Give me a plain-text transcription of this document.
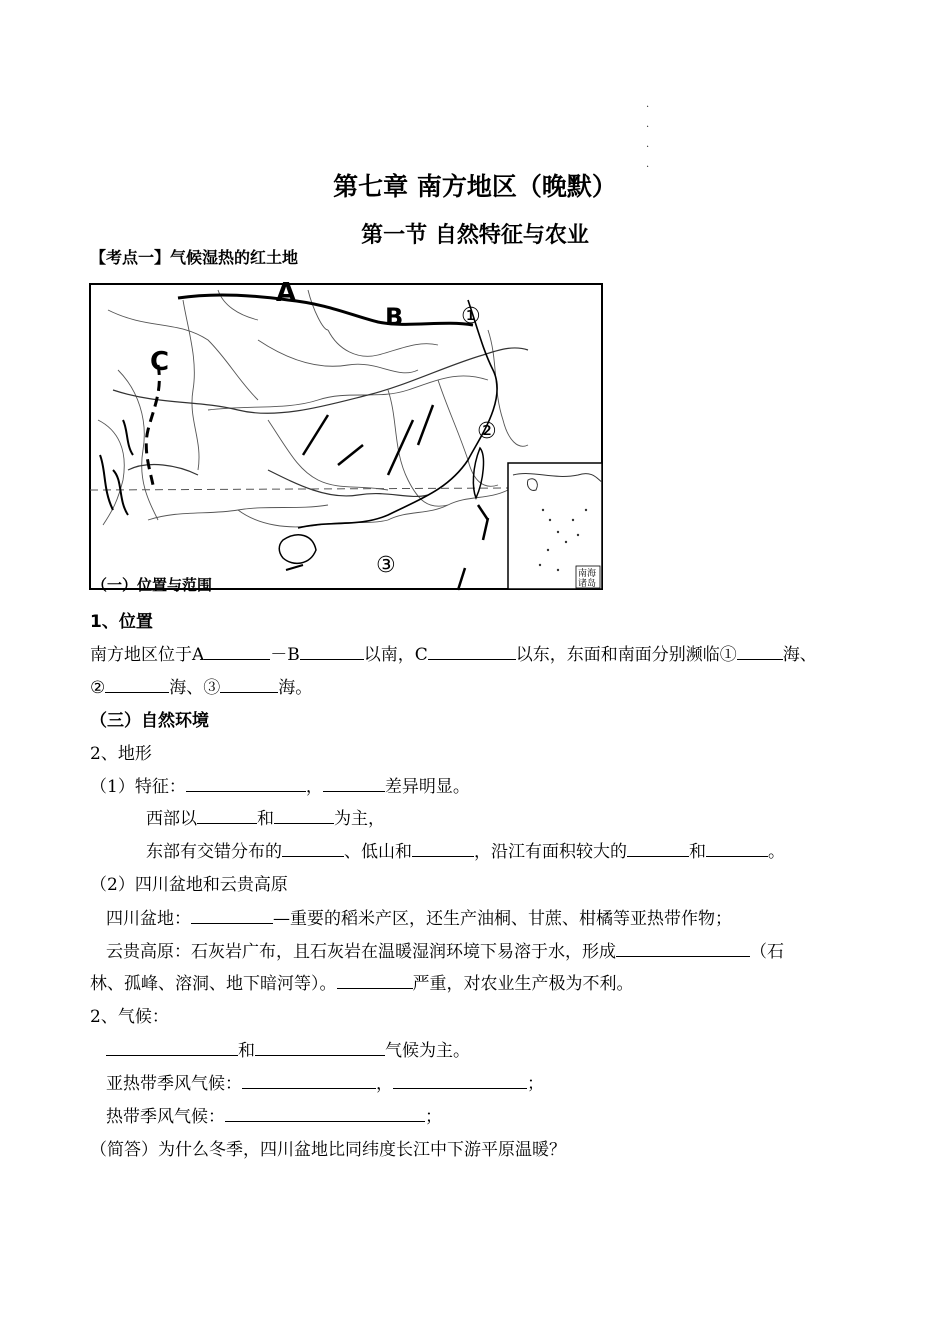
.
.
.
.
第七章 南方地区（晚默）
第一节 自然特征与农业
【考点一】气候湿热的红土地
A
B
C
①
②
③
（一）位置与范围
南海
诸岛
1、位置
南方地区位于A	－B	以南，C	以东，东面和南面分别濒临①	海、
②	海、③	海。
（三）自然环境
2、地形
（1）特征：	，	差异明显。
西部以	和	为主，
东部有交错分布的	、低山和	，沿江有面积较大的	和	。
（2）四川盆地和云贵高原
四川盆地：	—重要的稻米产区，还生产油桐、甘蔗、柑橘等亚热带作物；
云贵高原：石灰岩广布，且石灰岩在温暖湿润环境下易溶于水，形成	（石
林、孤峰、溶洞、地下暗河等）。	严重，对农业生产极为不利。
2、气候：
和	气候为主。
亚热带季风气候：	，	；
热带季风气候：	；
（简答）为什么冬季，四川盆地比同纬度长江中下游平原温暖？
